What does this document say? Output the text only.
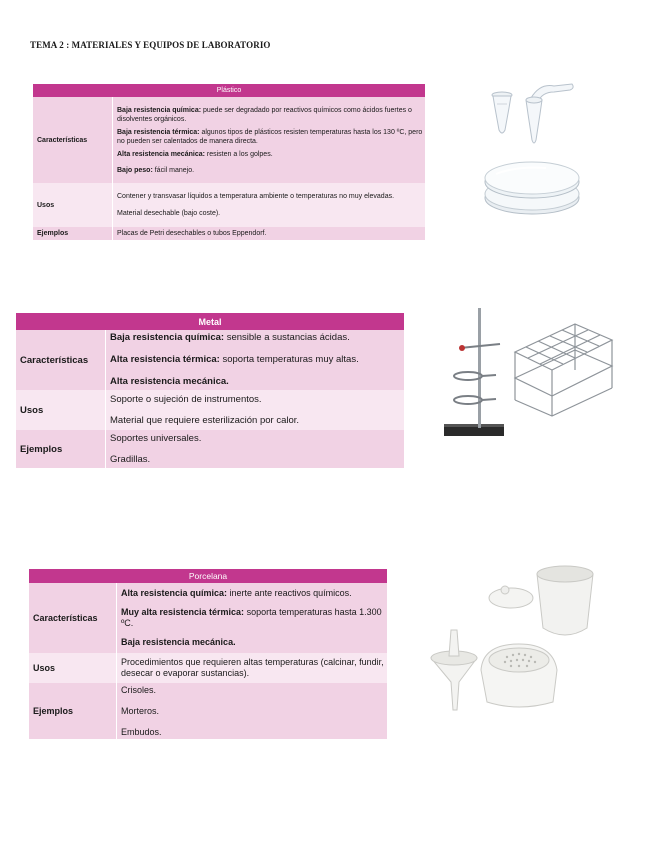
TEMA 2 : MATERIALES Y EQUIPOS DE LABORATORIO
Plástico	
Características	Baja resistencia química: puede ser degradado por reactivos químicos como ácidos fuertes o disolventes orgánicos.

Baja resistencia térmica: algunos tipos de plásticos resisten temperaturas hasta los 130 ºC, pero no pueden ser calentados de manera directa.

Alta resistencia mecánica: resisten a los golpes.

Bajo peso: fácil manejo.

Usos	Contener y transvasar líquidos a temperatura ambiente o temperaturas no muy elevadas.

Material desechable (bajo coste).

Ejemplos	Placas de Petri desechables o tubos Eppendorf.

Metal	
Características	Baja resistencia química: sensible a sustancias ácidas.

Alta resistencia térmica: soporta temperaturas muy altas.

Alta resistencia mecánica.

Usos	Soporte o sujeción de instrumentos.

Material que requiere esterilización por calor.

Ejemplos	Soportes universales.

Gradillas.

Porcelana	
Características	Alta resistencia química: inerte ante reactivos químicos.

Muy alta resistencia térmica: soporta temperaturas hasta 1.300 ºC.

Baja resistencia mecánica.

Usos	Procedimientos que requieren altas temperaturas (calcinar, fundir, desecar o evaporar sustancias).

Ejemplos	Crisoles.

Morteros.

Embudos.
